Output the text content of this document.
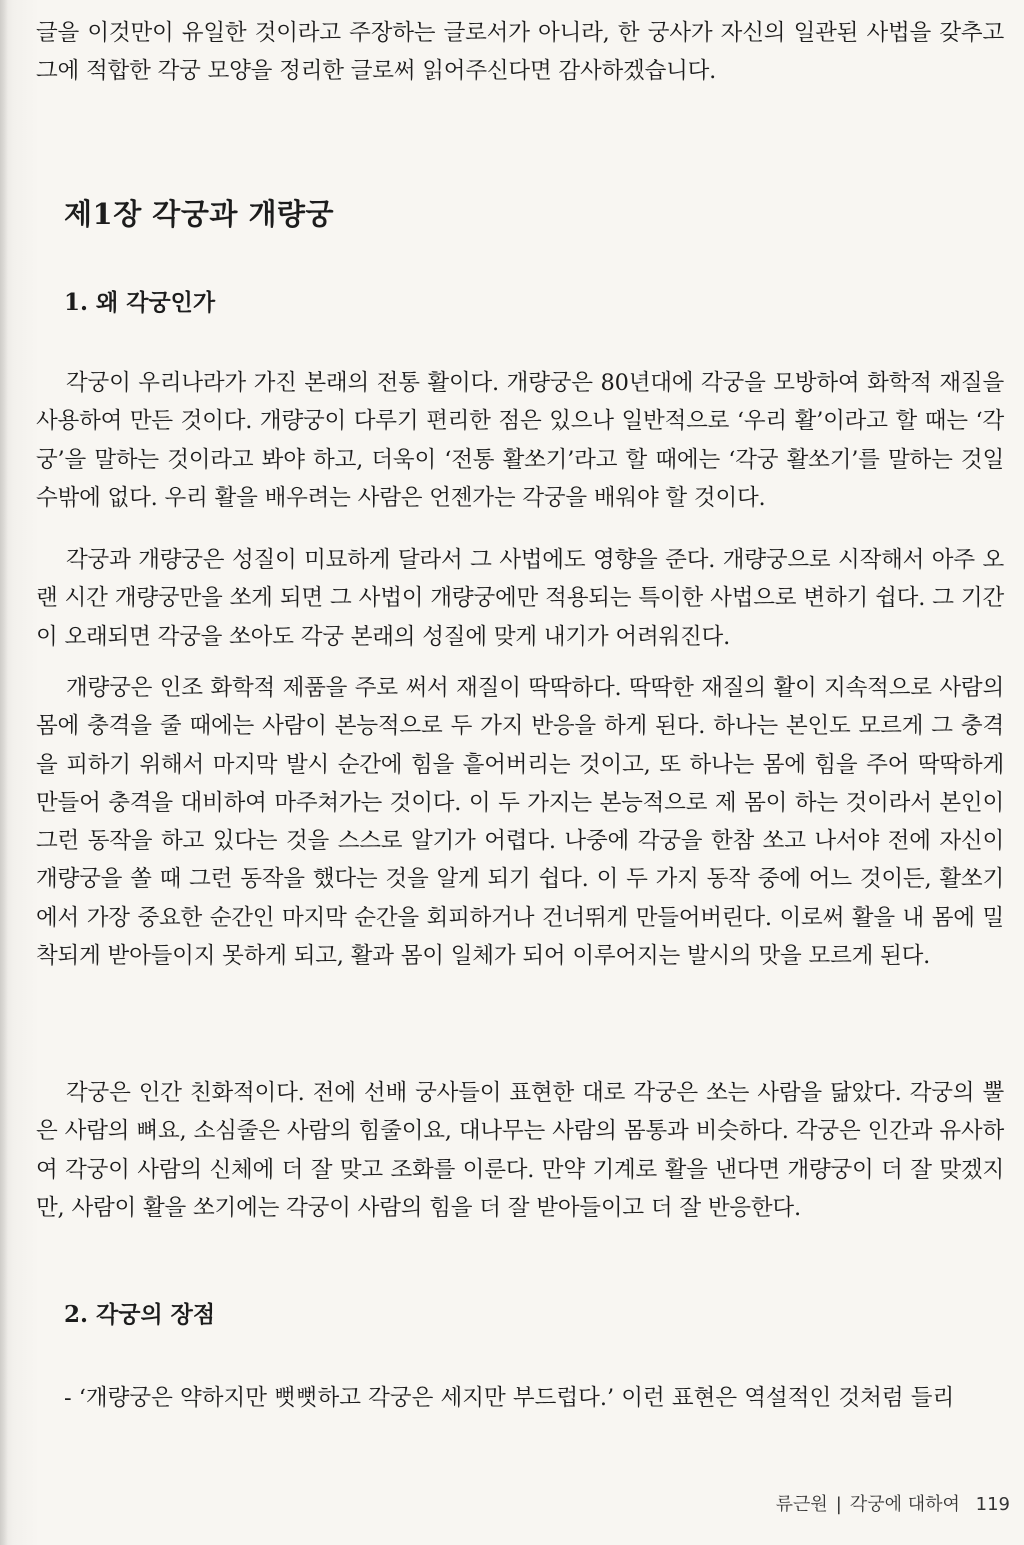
글을 이것만이 유일한 것이라고 주장하는 글로서가 아니라, 한 궁사가 자신의 일관된 사법을 갖추고 그에 적합한 각궁 모양을 정리한 글로써 읽어주신다면 감사하겠습니다.

제1장 각궁과 개량궁
1. 왜 각궁인가

각궁이 우리나라가 가진 본래의 전통 활이다. 개량궁은 80년대에 각궁을 모방하여 화학적 재질을 사용하여 만든 것이다. 개량궁이 다루기 편리한 점은 있으나 일반적으로 ‘우리 활’이라고 할 때는 ‘각궁’을 말하는 것이라고 봐야 하고, 더욱이 ‘전통 활쏘기’라고 할 때에는 ‘각궁 활쏘기’를 말하는 것일 수밖에 없다. 우리 활을 배우려는 사람은 언젠가는 각궁을 배워야 할 것이다.

각궁과 개량궁은 성질이 미묘하게 달라서 그 사법에도 영향을 준다. 개량궁으로 시작해서 아주 오랜 시간 개량궁만을 쏘게 되면 그 사법이 개량궁에만 적용되는 특이한 사법으로 변하기 쉽다. 그 기간이 오래되면 각궁을 쏘아도 각궁 본래의 성질에 맞게 내기가 어려워진다.

개량궁은 인조 화학적 제품을 주로 써서 재질이 딱딱하다. 딱딱한 재질의 활이 지속적으로 사람의 몸에 충격을 줄 때에는 사람이 본능적으로 두 가지 반응을 하게 된다. 하나는 본인도 모르게 그 충격을 피하기 위해서 마지막 발시 순간에 힘을 흩어버리는 것이고, 또 하나는 몸에 힘을 주어 딱딱하게 만들어 충격을 대비하여 마주쳐가는 것이다. 이 두 가지는 본능적으로 제 몸이 하는 것이라서 본인이 그런 동작을 하고 있다는 것을 스스로 알기가 어렵다. 나중에 각궁을 한참 쏘고 나서야 전에 자신이 개량궁을 쏠 때 그런 동작을 했다는 것을 알게 되기 쉽다. 이 두 가지 동작 중에 어느 것이든, 활쏘기에서 가장 중요한 순간인 마지막 순간을 회피하거나 건너뛰게 만들어버린다. 이로써 활을 내 몸에 밀착되게 받아들이지 못하게 되고, 활과 몸이 일체가 되어 이루어지는 발시의 맛을 모르게 된다.

각궁은 인간 친화적이다. 전에 선배 궁사들이 표현한 대로 각궁은 쏘는 사람을 닮았다. 각궁의 뿔은 사람의 뼈요, 소심줄은 사람의 힘줄이요, 대나무는 사람의 몸통과 비슷하다. 각궁은 인간과 유사하여 각궁이 사람의 신체에 더 잘 맞고 조화를 이룬다. 만약 기계로 활을 낸다면 개량궁이 더 잘 맞겠지만, 사람이 활을 쏘기에는 각궁이 사람의 힘을 더 잘 받아들이고 더 잘 반응한다.

2. 각궁의 장점

- ‘개량궁은 약하지만 뻣뻣하고 각궁은 세지만 부드럽다.’ 이런 표현은 역설적인 것처럼 들리

류근원 | 각궁에 대하여 119
